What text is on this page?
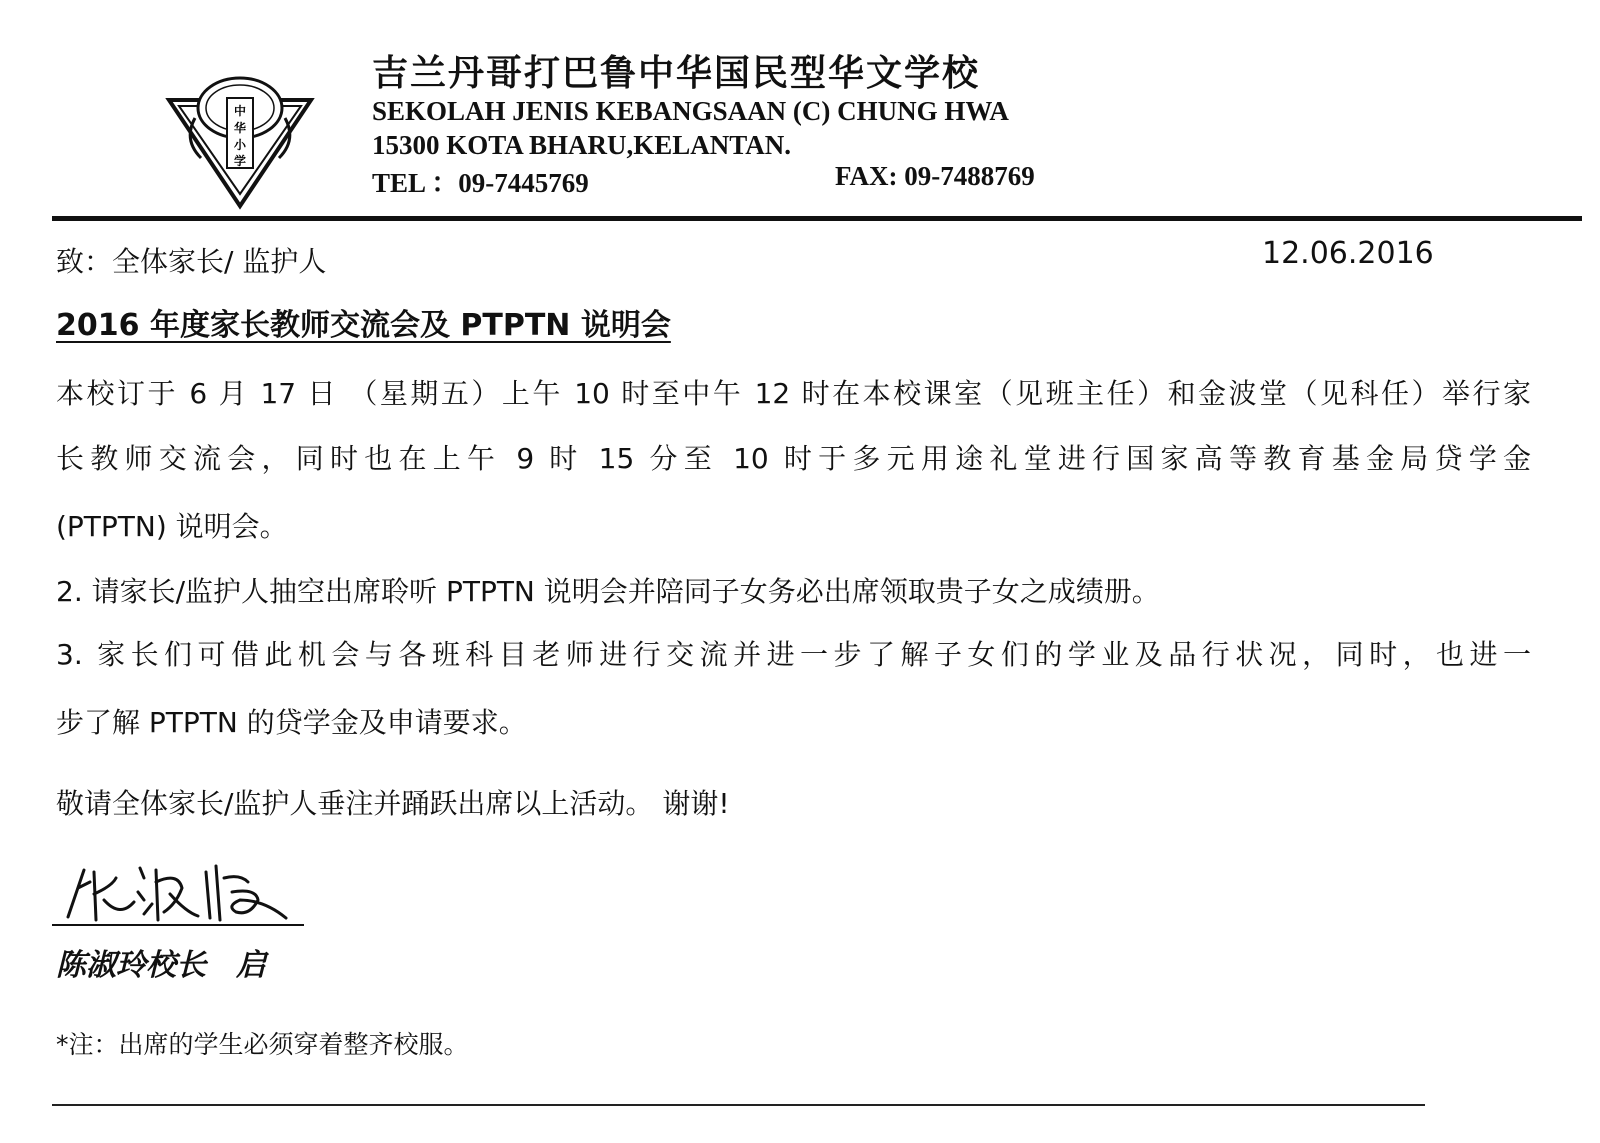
中
华
小
学
吉兰丹哥打巴鲁中华国民型华文学校
SEKOLAH JENIS KEBANGSAAN (C) CHUNG HWA
15300 KOTA BHARU,KELANTAN.
TEL ：09-7445769	FAX: 09-7488769
致：全体家长/ 监护人	12.06.2016
2016 年度家长教师交流会及 PTPTN 说明会
本校订于 6 月 17 日 （星期五）上午 10 时至中午 12 时在本校课室（见班主任）和金波堂（见科任）举行家
长教师交流会，同时也在上午 9 时 15 分至 10 时于多元用途礼堂进行国家高等教育基金局贷学金
(PTPTN) 说明会。
2. 请家长/监护人抽空出席聆听 PTPTN 说明会并陪同子女务必出席领取贵子女之成绩册。
3. 家长们可借此机会与各班科目老师进行交流并进一步了解子女们的学业及品行状况，同时，也进一
步了解 PTPTN 的贷学金及申请要求。
敬请全体家长/监护人垂注并踊跃出席以上活动。 谢谢!
陈淑玲校长　启
*注：出席的学生必须穿着整齐校服。
